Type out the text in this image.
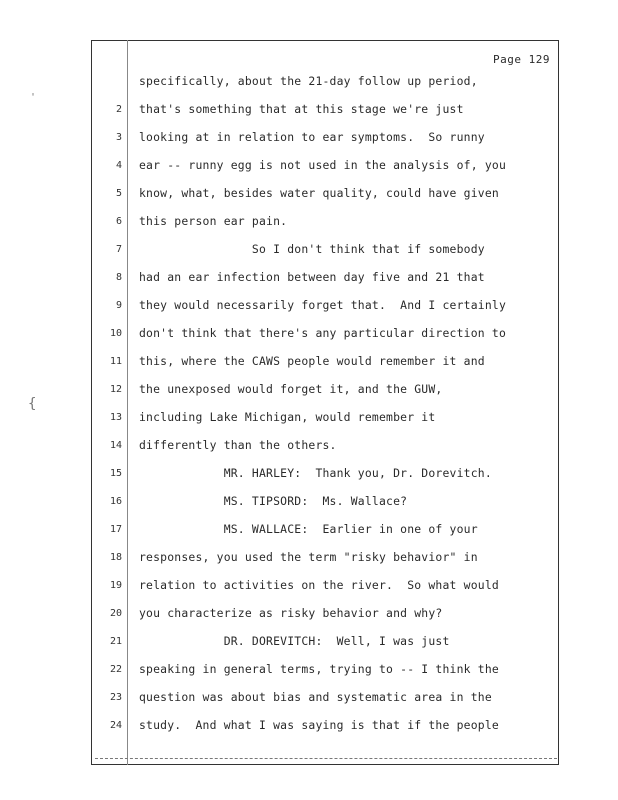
Page 129
specifically, about the 21-day follow up period,
2 that's something that at this stage we're just
3 looking at in relation to ear symptoms.  So runny
4 ear -- runny egg is not used in the analysis of, you
5 know, what, besides water quality, could have given
6 this person ear pain.
7 So I don't think that if somebody
8 had an ear infection between day five and 21 that
9 they would necessarily forget that.  And I certainly
10 don't think that there's any particular direction to
11 this, where the CAWS people would remember it and
12 the unexposed would forget it, and the GUW,
13 including Lake Michigan, would remember it
14 differently than the others.
15 MR. HARLEY:  Thank you, Dr. Dorevitch.
16 MS. TIPSORD:  Ms. Wallace?
17 MS. WALLACE:  Earlier in one of your
18 responses, you used the term "risky behavior" in
19 relation to activities on the river.  So what would
20 you characterize as risky behavior and why?
21 DR. DOREVITCH:  Well, I was just
22 speaking in general terms, trying to -- I think the
23 question was about bias and systematic area in the
24 study.  And what I was saying is that if the people
'
{
